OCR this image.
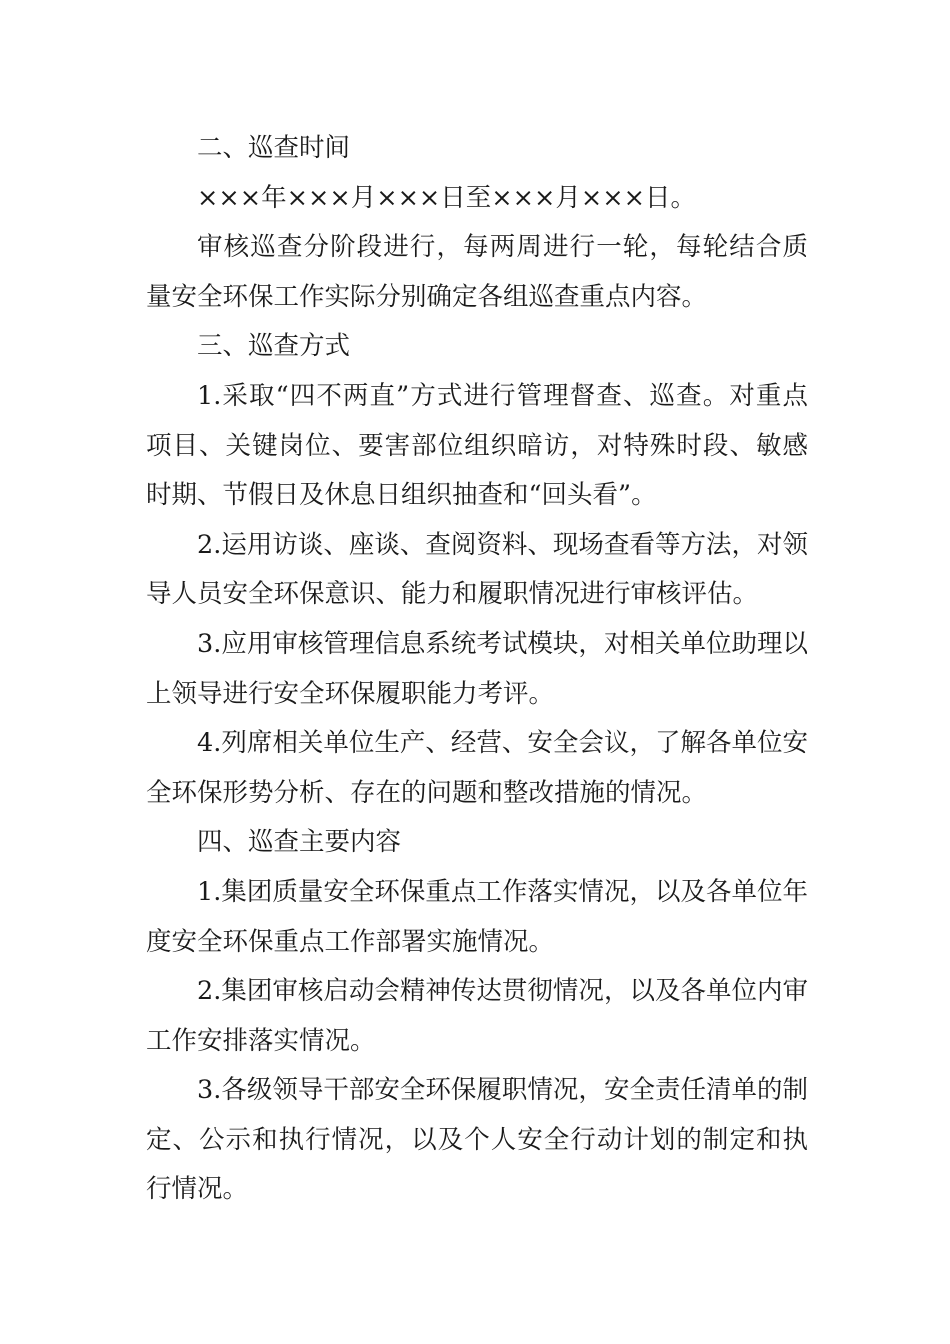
二、巡查时间

×××年×××月×××日至×××月×××日。

审核巡查分阶段进行，每两周进行一轮，每轮结合质量安全环保工作实际分别确定各组巡查重点内容。

三、巡查方式

1.采取“四不两直”方式进行管理督查、巡查。对重点项目、关键岗位、要害部位组织暗访，对特殊时段、敏感时期、节假日及休息日组织抽查和“回头看”。

2.运用访谈、座谈、查阅资料、现场查看等方法，对领导人员安全环保意识、能力和履职情况进行审核评估。

3.应用审核管理信息系统考试模块，对相关单位助理以上领导进行安全环保履职能力考评。

4.列席相关单位生产、经营、安全会议，了解各单位安全环保形势分析、存在的问题和整改措施的情况。

四、巡查主要内容

1.集团质量安全环保重点工作落实情况，以及各单位年度安全环保重点工作部署实施情况。

2.集团审核启动会精神传达贯彻情况，以及各单位内审工作安排落实情况。

3.各级领导干部安全环保履职情况，安全责任清单的制定、公示和执行情况，以及个人安全行动计划的制定和执行情况。
